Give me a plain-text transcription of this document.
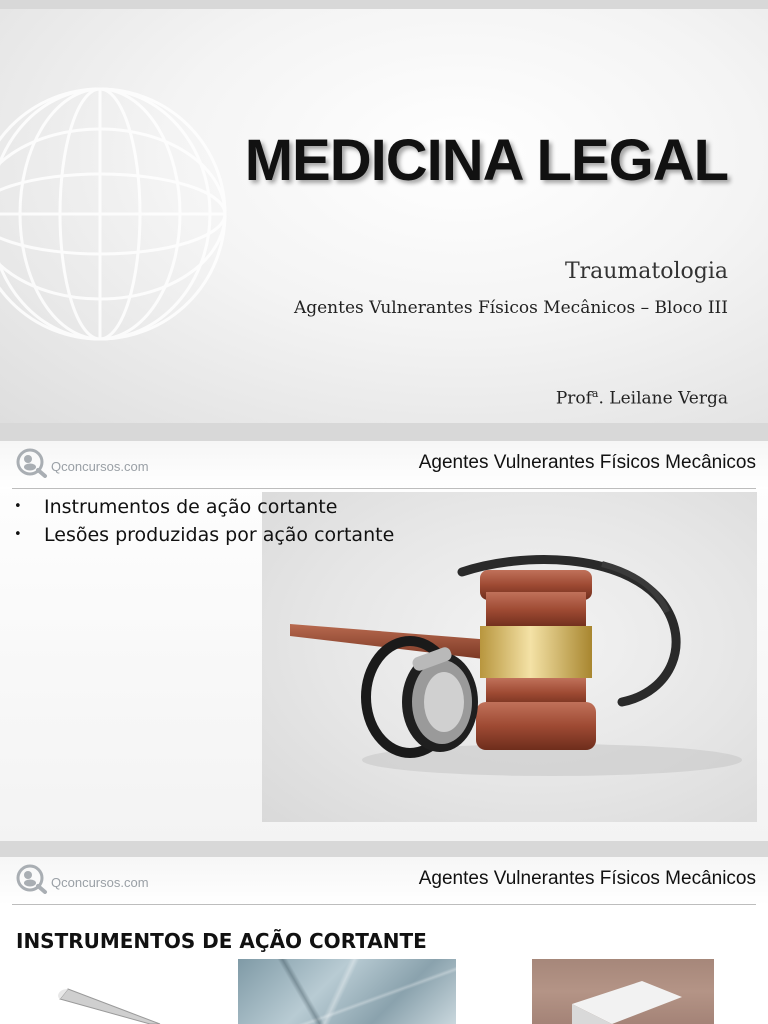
MEDICINA LEGAL
Traumatologia
Agentes Vulnerantes Físicos Mecânicos – Bloco III
Prof$^a$. Leilane Verga
Qconcursos.com	Agentes Vulnerantes Físicos Mecânicos
• Instrumentos de ação cortante
• Lesões produzidas por ação cortante
Qconcursos.com	Agentes Vulnerantes Físicos Mecânicos
INSTRUMENTOS DE AÇÃO CORTANTE
